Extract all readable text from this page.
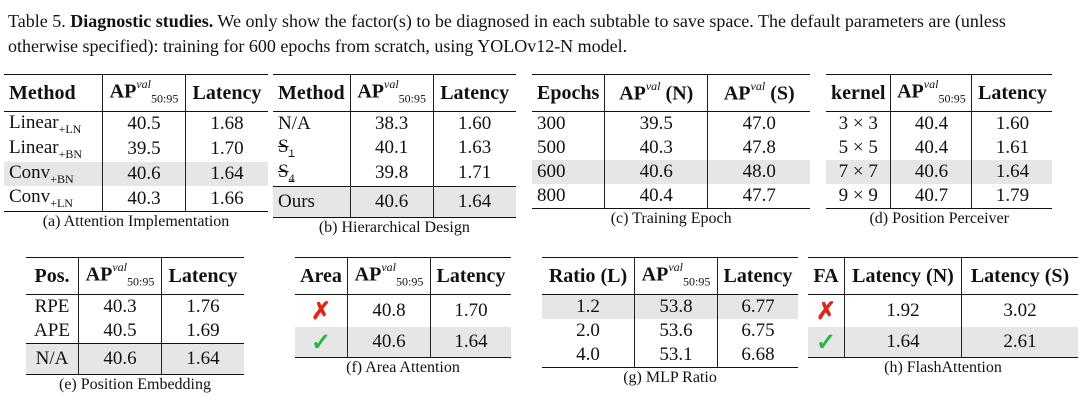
Table 5. Diagnostic studies. We only show the factor(s) to be diagnosed in each subtable to save space. The default parameters are (unless otherwise specified): training for 600 epochs from scratch, using YOLOv12-N model.
Method	$AP^{val}_{50:95}$	Latency
Linear$_{+LN}$	40.5	1.68
Linear$_{+BN}$	39.5	1.70
Conv$_{+BN}$	40.6	1.64
Conv$_{+LN}$	40.3	1.66
(a) Attention Implementation
Method	$AP^{val}_{50:95}$	Latency
N/A	38.3	1.60
$S_1$	40.1	1.63
$S_4$	39.8	1.71
Ours	40.6	1.64
(b) Hierarchical Design
Epochs	$AP^{val}$ (N)	$AP^{val}$ (S)
300	39.5	47.0
500	40.3	47.8
600	40.6	48.0
800	40.4	47.7
(c) Training Epoch
kernel	$AP^{val}_{50:95}$	Latency
3 × 3	40.4	1.60
5 × 5	40.4	1.61
7 × 7	40.6	1.64
9 × 9	40.7	1.79
(d) Position Perceiver
Pos.	$AP^{val}_{50:95}$	Latency
RPE	40.3	1.76
APE	40.5	1.69
N/A	40.6	1.64
(e) Position Embedding
Area	$AP^{val}_{50:95}$	Latency
✗	40.8	1.70
✓	40.6	1.64
(f) Area Attention
Ratio (L)	$AP^{val}_{50:95}$	Latency
1.2	53.8	6.77
2.0	53.6	6.75
4.0	53.1	6.68
(g) MLP Ratio
FA	Latency (N)	Latency (S)
✗	1.92	3.02
✓	1.64	2.61
(h) FlashAttention
